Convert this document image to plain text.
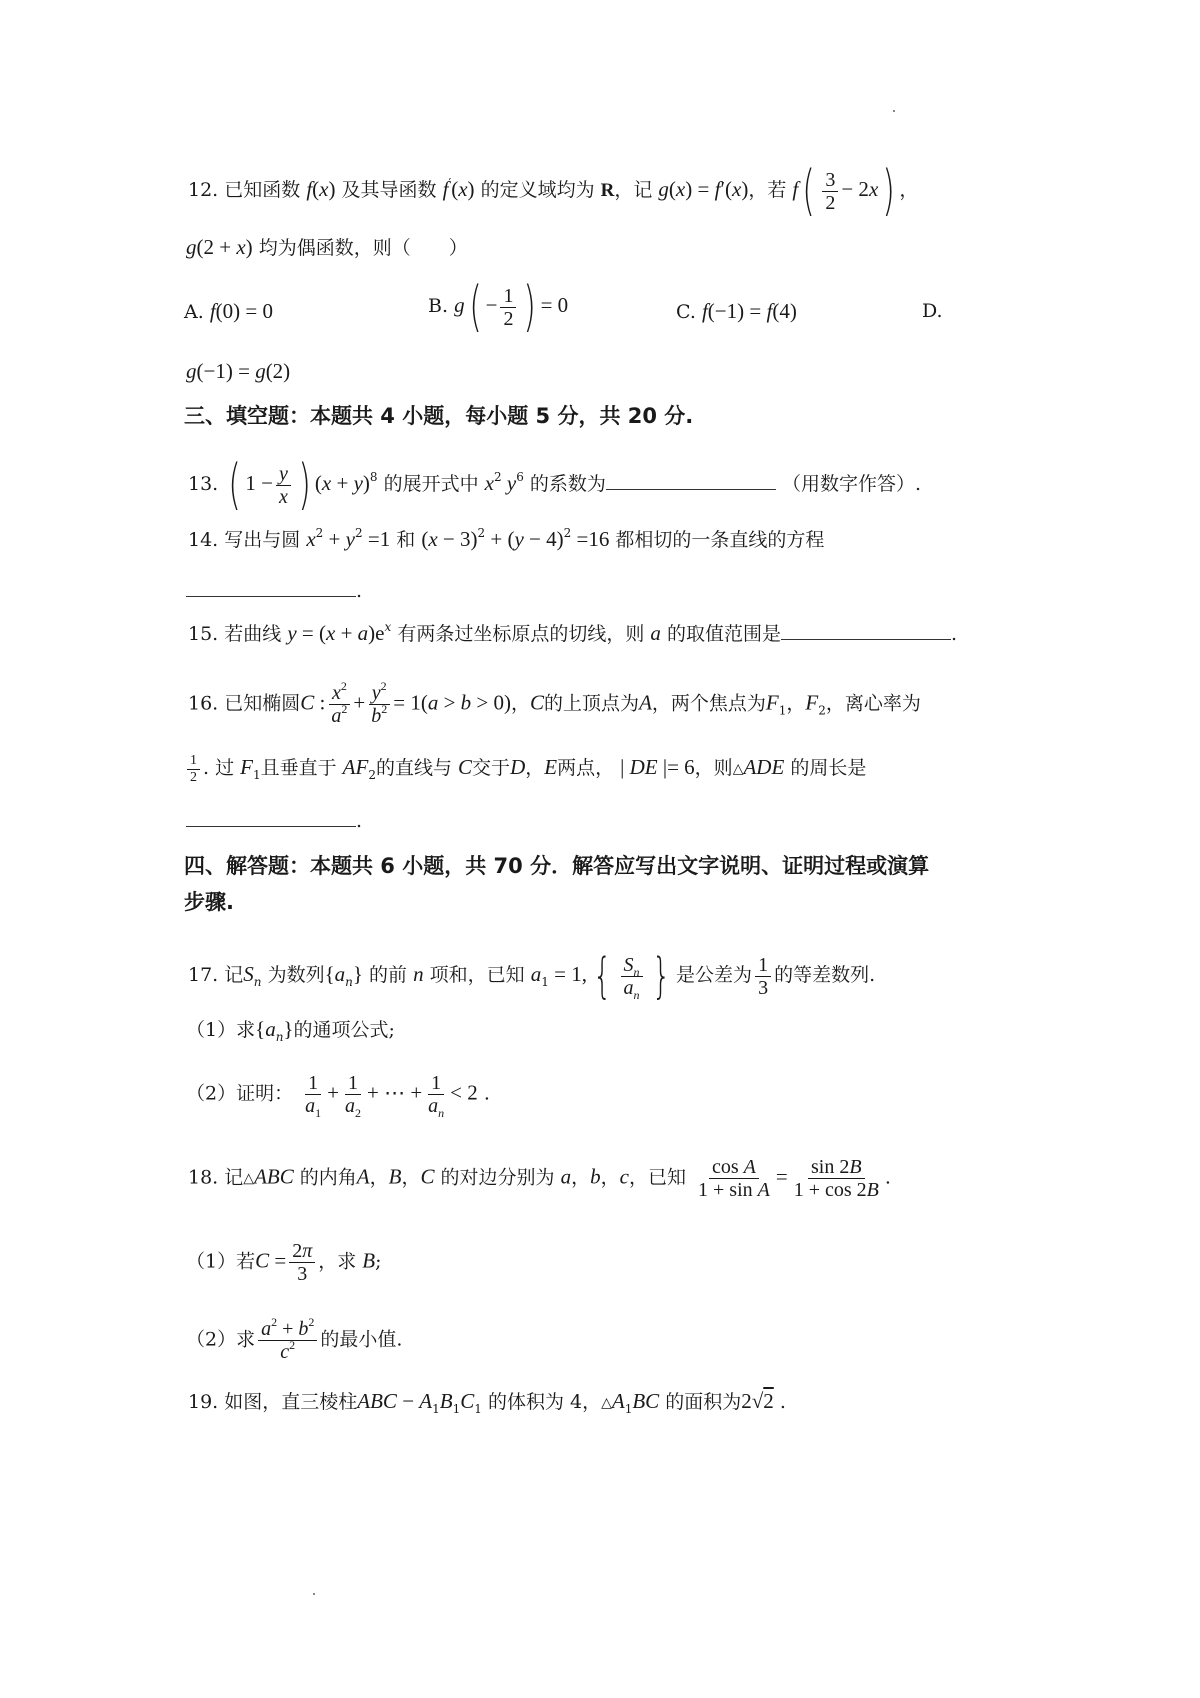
12. 已知函数 f(x) 及其导函数 f′(x) 的定义域均为 R，记 g(x) = f′(x)，若 $f( \frac{3}{2} - 2x)$ ，
g(2 + x) 均为偶函数，则（　　）
A. f(0) = 0	B. $g( - \frac{1}{2}$ ) = 0	C. f(−1) = f(4)	D.
g(−1) = g(2)
三、填空题：本题共 4 小题，每小题 5 分，共 20 分.
13. ( $1 - \frac{y}{x}$ ) $(x + y)^8$ 的展开式中 $x^2$ $y^6$ 的系数为	（用数字作答）.
14. 写出与圆 $x^2 + y^2 =1$ 和 $(x - 3)^2 + (y - 4)^2 =16$ 都相切的一条直线的方程
.
15. 若曲线 $y = (x + a)e^x$ 有两条过坐标原点的切线，则 a 的取值范围是	.
16. 已知椭圆C : $\frac{x^2}{a^2} + \frac{y^2}{b^2} = 1(a > b > 0)$，C的上顶点为A，两个焦点为$F_1$，$F_2$，离心率为
$\frac{1}{2}$ . 过 $F_1$且垂直于 $AF_2$的直线与 C交于D，E两点， | DE |= 6，则△ADE 的周长是
.
四、解答题：本题共 6 小题，共 70 分．解答应写出文字说明、证明过程或演算
步骤.
17. 记$S_n$ 为数列$\{a_n\}$ 的前 n 项和，已知 $a_1 = 1$, { $\frac{S_n}{a_n}$ } 是公差为 $\frac{1}{3}$ 的等差数列.
（1）求$\{a_n\}$的通项公式;
（2）证明： $\frac{1}{a_1} + \frac{1}{a_2}$ + ⋯ + $\frac{1}{a_n} < 2$ .
18. 记△ABC 的内角A，B，C 的对边分别为 a，b，c，已知 $\frac{\text{cos A}}{\text{1 + sin A}} = \frac{\sin 2B}{1 + \cos 2B}$ .
（1）若$C = \frac{2\pi}{3}$ ，求 B;
（2）求 $\frac{a^2 + b^2}{c^2}$ 的最小值.
19. 如图，直三棱柱ABC − $A_1B_1C_1$ 的体积为 4，$\triangle A_1BC$ 的面积为2√2 .
